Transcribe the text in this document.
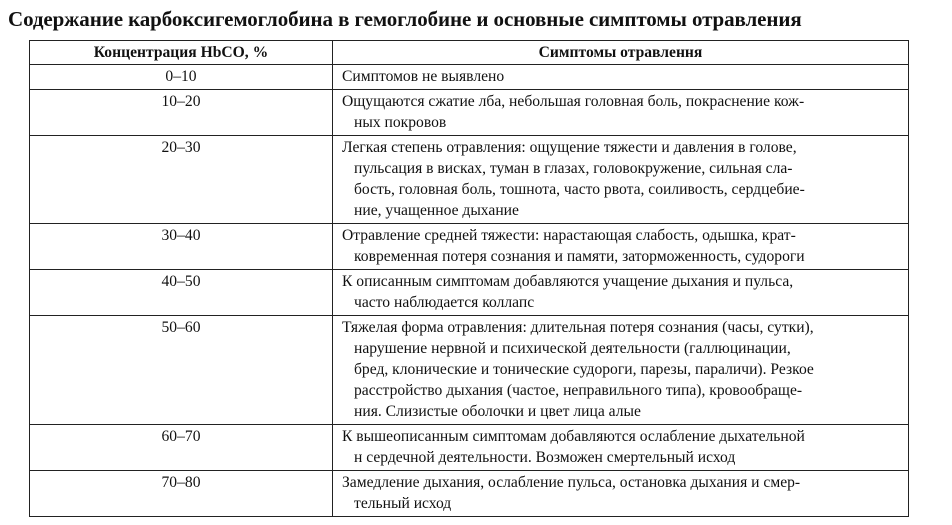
Содержание карбоксигемоглобина в гемоглобине и основные симптомы отравления
Концентрация HbCO, %	Симптомы отравлення
0–10	Симптомов не выявлено

10–20	Ощущаются сжатие лба, небольшая головная боль, покраснение кож-
ных покровов

20–30	Легкая степень отравления: ощущение тяжести и давления в голове,
пульсация в висках, туман в глазах, головокружение, сильная сла-
бость, головная боль, тошнота, часто рвота, соиливость, сердцебие-
ние, учащенное дыхание

30–40	Отравление средней тяжести: нарастающая слабость, одышка, крат-
ковременная потеря сознания и памяти, заторможенность, судороги

40–50	К описанным симптомам добавляются учащение дыхания и пульса,
часто наблюдается коллапс

50–60	Тяжелая форма отравления: длительная потеря сознания (часы, сутки),
нарушение нервной и психической деятельности (галлюцинации,
бред, клонические и тонические судороги, парезы, параличи). Резкое
расстройство дыхания (частое, неправильного типа), кровообраще-
ния. Слизистые оболочки и цвет лица алые

60–70	К вышеописанным симптомам добавляются ослабление дыхательной
н сердечной деятельности. Возможен смертельный исход

70–80	Замедление дыхания, ослабление пульса, остановка дыхания и смер-
тельный исход
